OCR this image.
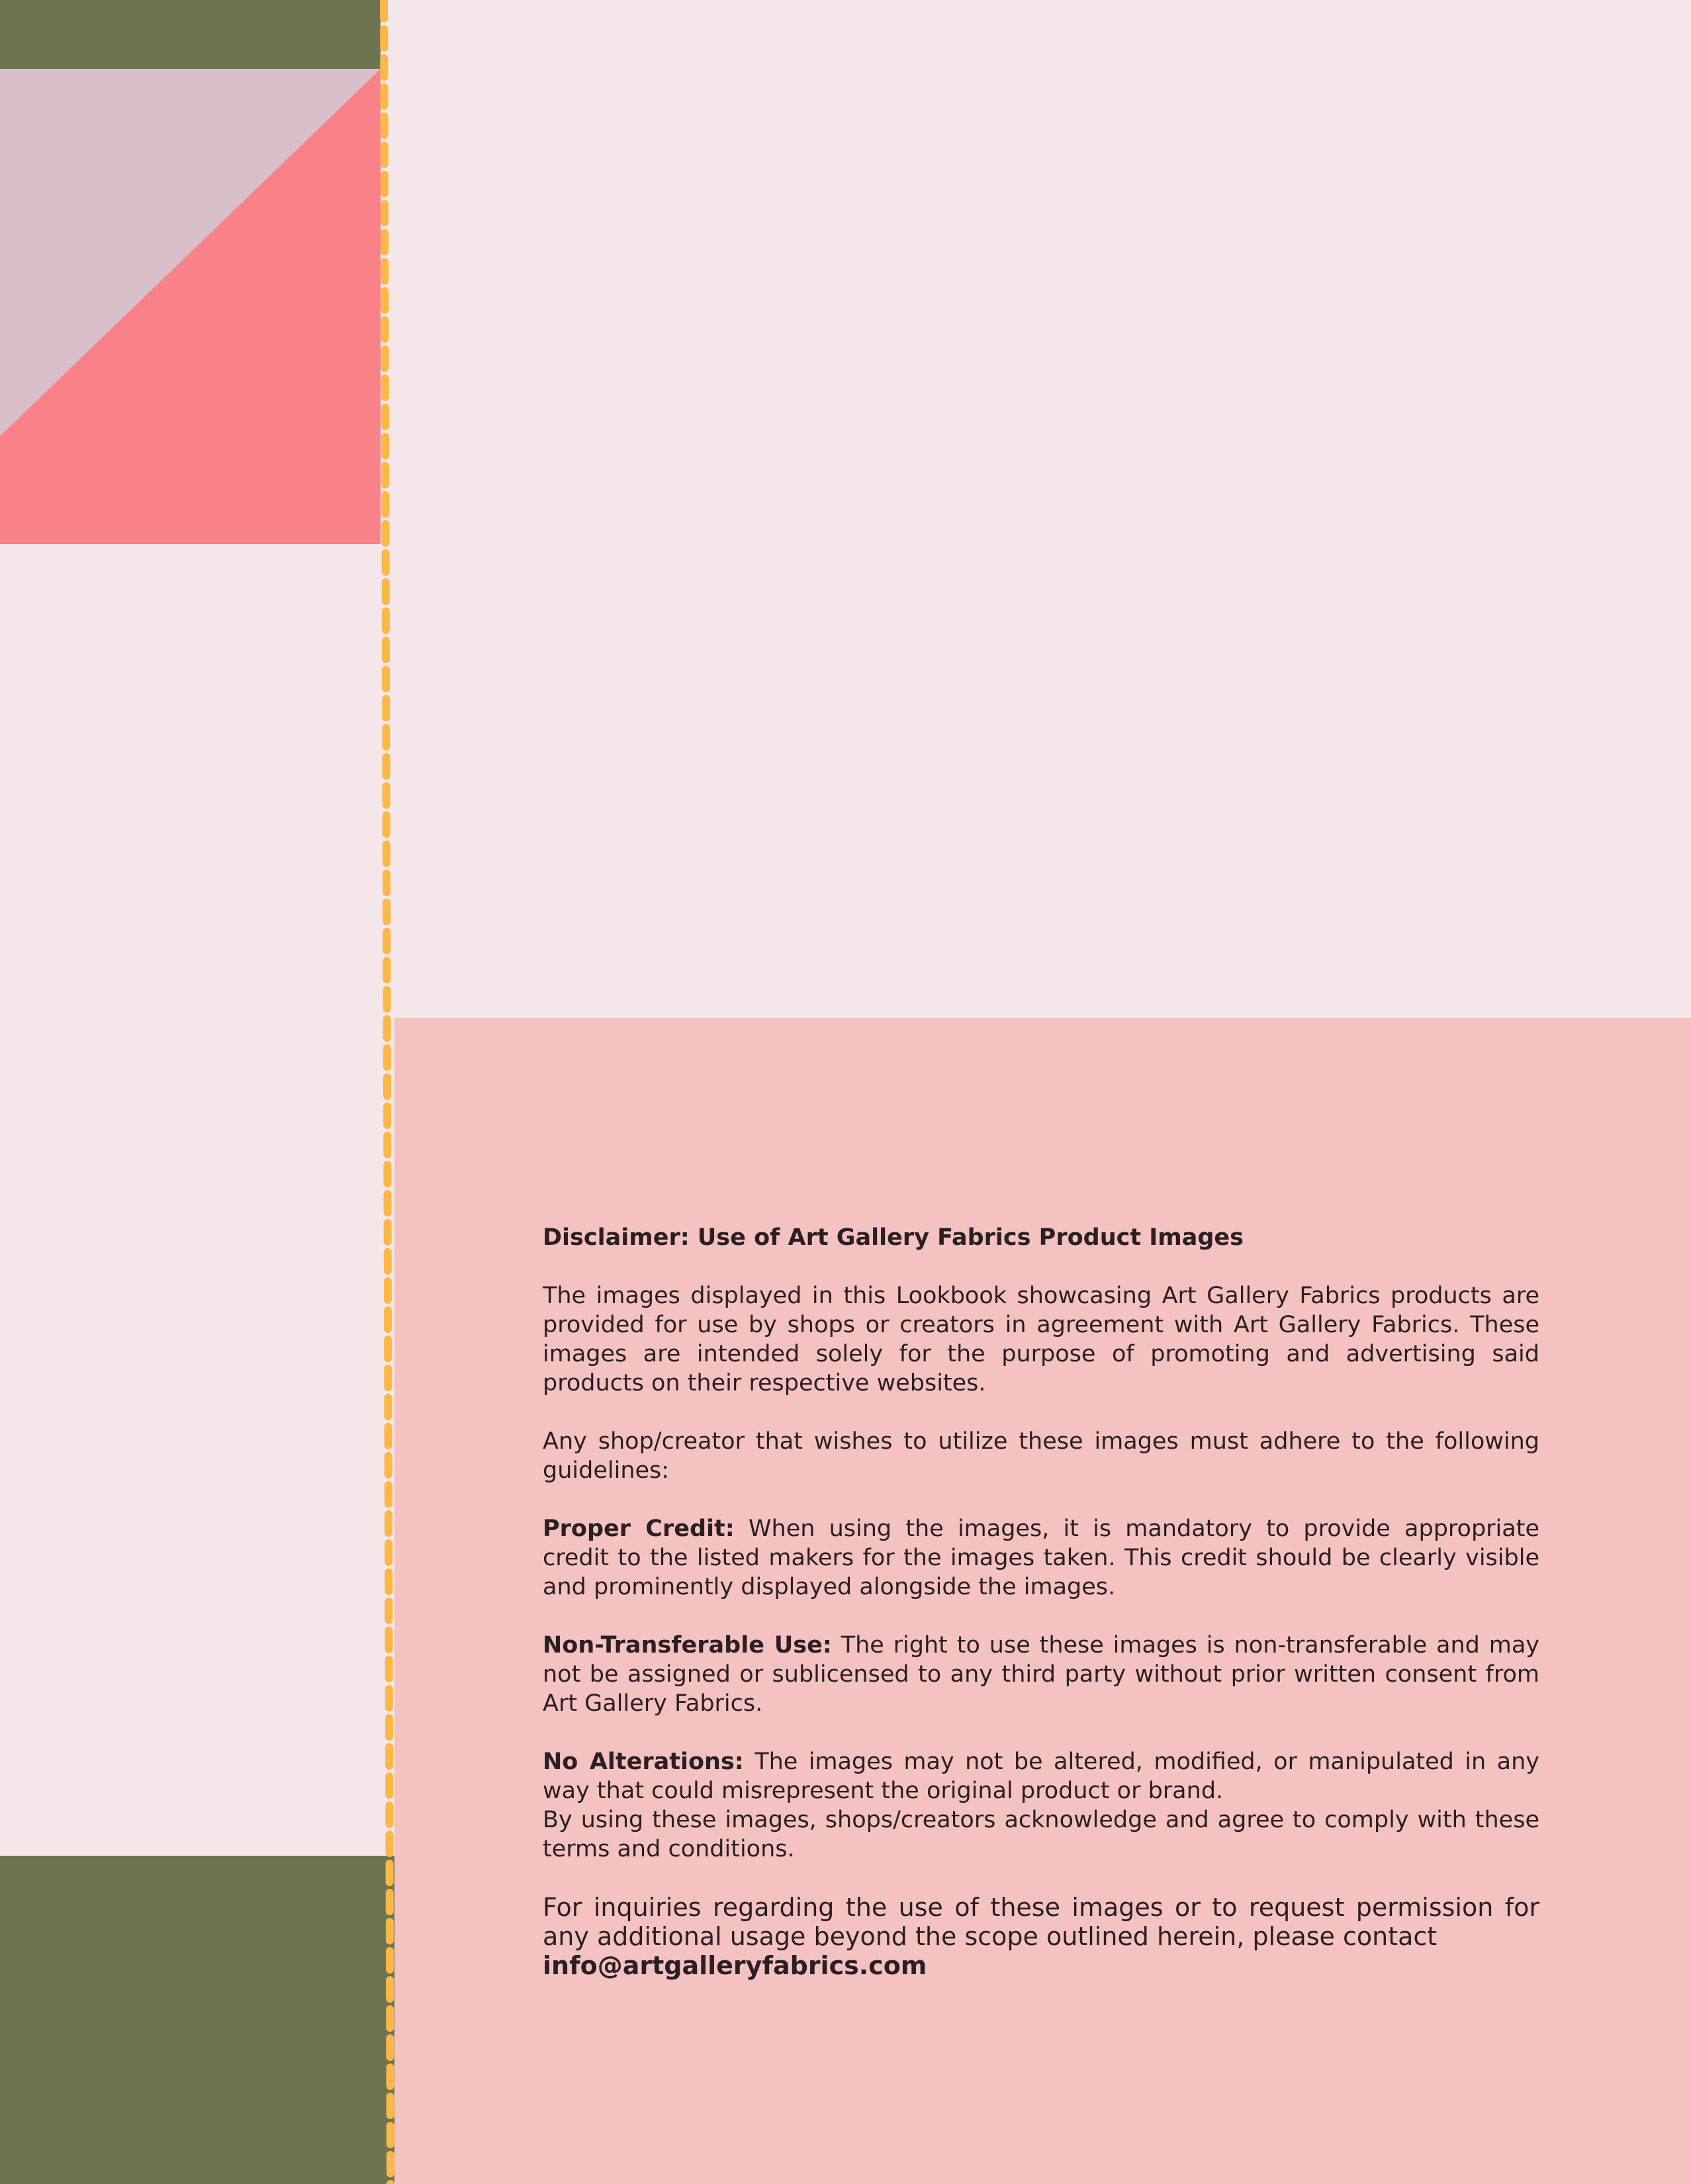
Disclaimer: Use of Art Gallery Fabrics Product Images

The images displayed in this Lookbook showcasing Art Gallery Fabrics products are provided for use by shops or creators in agreement with Art Gallery Fabrics. These images are intended solely for the purpose of promoting and advertising said products on their respective websites.

Any shop/creator that wishes to utilize these images must adhere to the following guidelines:

Proper Credit: When using the images, it is mandatory to provide appropriate credit to the listed makers for the images taken. This credit should be clearly visible and prominently displayed alongside the images.

Non-Transferable Use: The right to use these images is non-transferable and may not be assigned or sublicensed to any third party without prior written consent from Art Gallery Fabrics.

No Alterations: The images may not be altered, modified, or manipulated in any way that could misrepresent the original product or brand.

By using these images, shops/creators acknowledge and agree to comply with these terms and conditions.

For inquiries regarding the use of these images or to request permission for any additional usage beyond the scope outlined herein, please contact
info@artgalleryfabrics.com
